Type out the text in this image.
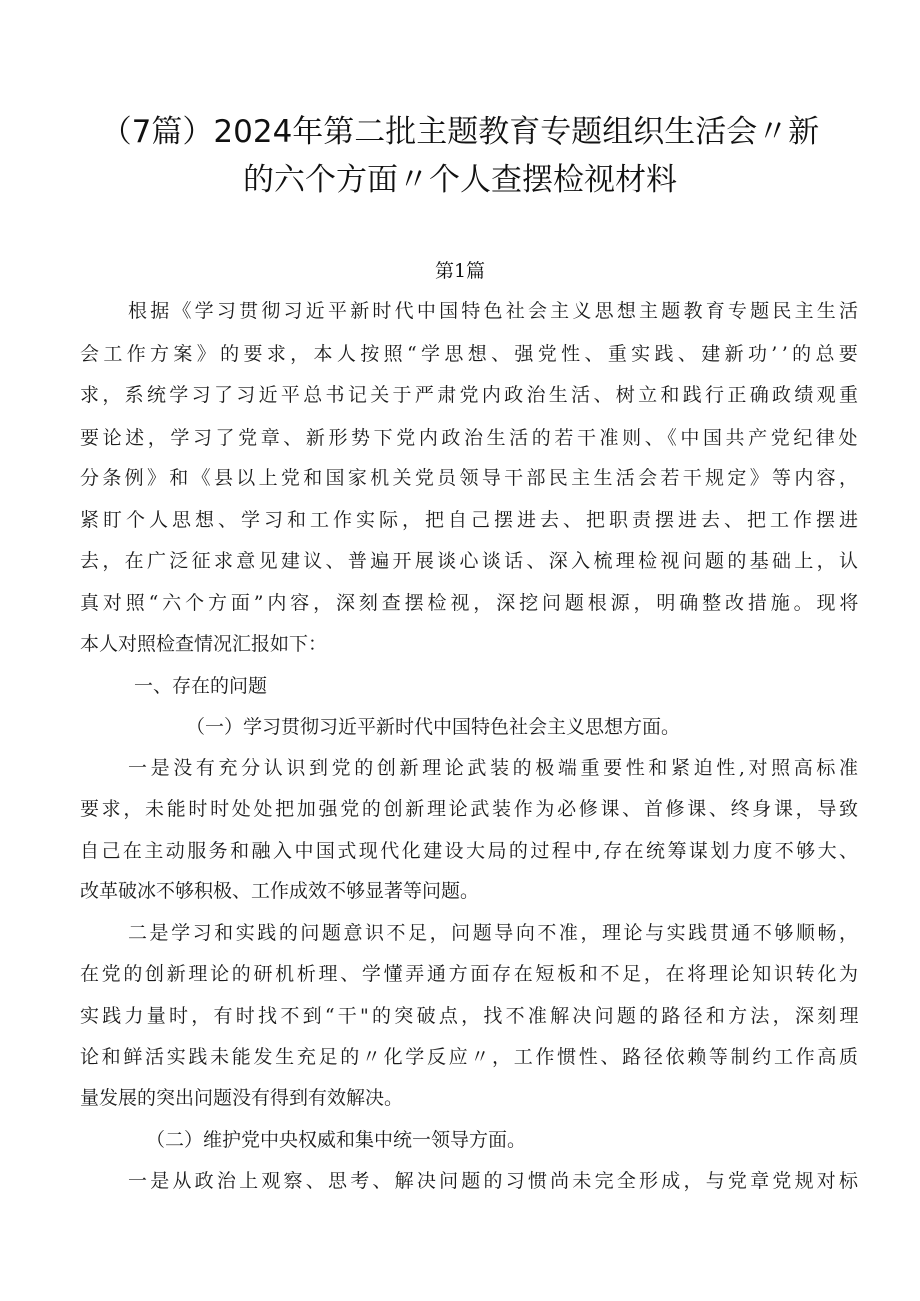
（7篇）2024年第二批主题教育专题组织生活会〃新
的六个方面〃个人查摆检视材料
第1篇
根据《学习贯彻习近平新时代中国特色社会主义思想主题教育专题民主生活
会工作方案》的要求，本人按照“学思想、强党性、重实践、建新功’’的总要
求，系统学习了习近平总书记关于严肃党内政治生活、树立和践行正确政绩观重
要论述，学习了党章、新形势下党内政治生活的若干准则、《中国共产党纪律处
分条例》和《县以上党和国家机关党员领导干部民主生活会若干规定》等内容，
紧盯个人思想、学习和工作实际，把自己摆进去、把职责摆进去、把工作摆进
去，在广泛征求意见建议、普遍开展谈心谈话、深入梳理检视问题的基础上，认
真对照“六个方面”内容，深刻查摆检视，深挖问题根源，明确整改措施。现将
本人对照检查情况汇报如下：
一、存在的问题
（一）学习贯彻习近平新时代中国特色社会主义思想方面。
一是没有充分认识到党的创新理论武装的极端重要性和紧迫性,对照高标准
要求，未能时时处处把加强党的创新理论武装作为必修课、首修课、终身课，导致
自己在主动服务和融入中国式现代化建设大局的过程中,存在统筹谋划力度不够大、
改革破冰不够积极、工作成效不够显著等问题。
二是学习和实践的问题意识不足，问题导向不准，理论与实践贯通不够顺畅，
在党的创新理论的研机析理、学懂弄通方面存在短板和不足，在将理论知识转化为
实践力量时，有时找不到“干"的突破点，找不准解决问题的路径和方法，深刻理
论和鲜活实践未能发生充足的〃化学反应〃，工作惯性、路径依赖等制约工作高质
量发展的突出问题没有得到有效解决。
（二）维护党中央权威和集中统一领导方面。
一是从政治上观察、思考、解决问题的习惯尚未完全形成，与党章党规对标
